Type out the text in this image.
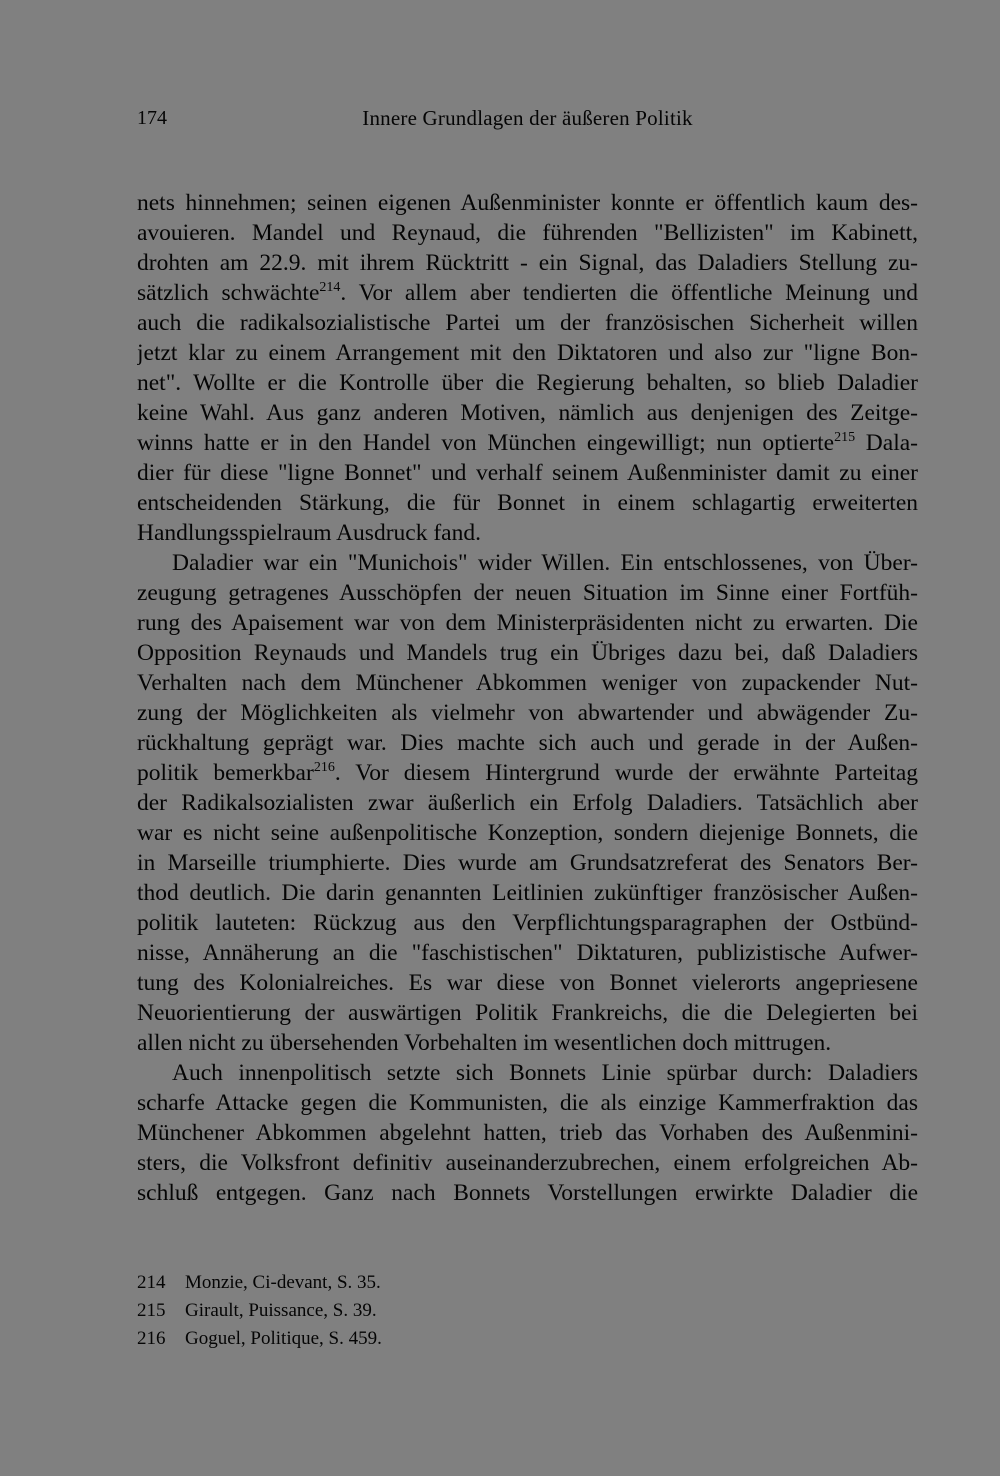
174	Innere Grundlagen der äußeren Politik
nets hinnehmen; seinen eigenen Außenminister konnte er öffentlich kaum des-
avouieren. Mandel und Reynaud, die führenden "Bellizisten" im Kabinett,
drohten am 22.9. mit ihrem Rücktritt - ein Signal, das Daladiers Stellung zu-
sätzlich schwächte$^{214}$. Vor allem aber tendierten die öffentliche Meinung und
auch die radikalsozialistische Partei um der französischen Sicherheit willen
jetzt klar zu einem Arrangement mit den Diktatoren und also zur "ligne Bon-
net". Wollte er die Kontrolle über die Regierung behalten, so blieb Daladier
keine Wahl. Aus ganz anderen Motiven, nämlich aus denjenigen des Zeitge-
winns hatte er in den Handel von München eingewilligt; nun optierte$^{215}$ Dala-
dier für diese "ligne Bonnet" und verhalf seinem Außenminister damit zu einer
entscheidenden Stärkung, die für Bonnet in einem schlagartig erweiterten
Handlungsspielraum Ausdruck fand.
Daladier war ein "Munichois" wider Willen. Ein entschlossenes, von Über-
zeugung getragenes Ausschöpfen der neuen Situation im Sinne einer Fortfüh-
rung des Apaisement war von dem Ministerpräsidenten nicht zu erwarten. Die
Opposition Reynauds und Mandels trug ein Übriges dazu bei, daß Daladiers
Verhalten nach dem Münchener Abkommen weniger von zupackender Nut-
zung der Möglichkeiten als vielmehr von abwartender und abwägender Zu-
rückhaltung geprägt war. Dies machte sich auch und gerade in der Außen-
politik bemerkbar$^{216}$. Vor diesem Hintergrund wurde der erwähnte Parteitag
der Radikalsozialisten zwar äußerlich ein Erfolg Daladiers. Tatsächlich aber
war es nicht seine außenpolitische Konzeption, sondern diejenige Bonnets, die
in Marseille triumphierte. Dies wurde am Grundsatzreferat des Senators Ber-
thod deutlich. Die darin genannten Leitlinien zukünftiger französischer Außen-
politik lauteten: Rückzug aus den Verpflichtungsparagraphen der Ostbünd-
nisse, Annäherung an die "faschistischen" Diktaturen, publizistische Aufwer-
tung des Kolonialreiches. Es war diese von Bonnet vielerorts angepriesene
Neuorientierung der auswärtigen Politik Frankreichs, die die Delegierten bei
allen nicht zu übersehenden Vorbehalten im wesentlichen doch mittrugen.
Auch innenpolitisch setzte sich Bonnets Linie spürbar durch: Daladiers
scharfe Attacke gegen die Kommunisten, die als einzige Kammerfraktion das
Münchener Abkommen abgelehnt hatten, trieb das Vorhaben des Außenmini-
sters, die Volksfront definitiv auseinanderzubrechen, einem erfolgreichen Ab-
schluß entgegen. Ganz nach Bonnets Vorstellungen erwirkte Daladier die
214 Monzie, Ci-devant, S. 35.
215 Girault, Puissance, S. 39.
216 Goguel, Politique, S. 459.
